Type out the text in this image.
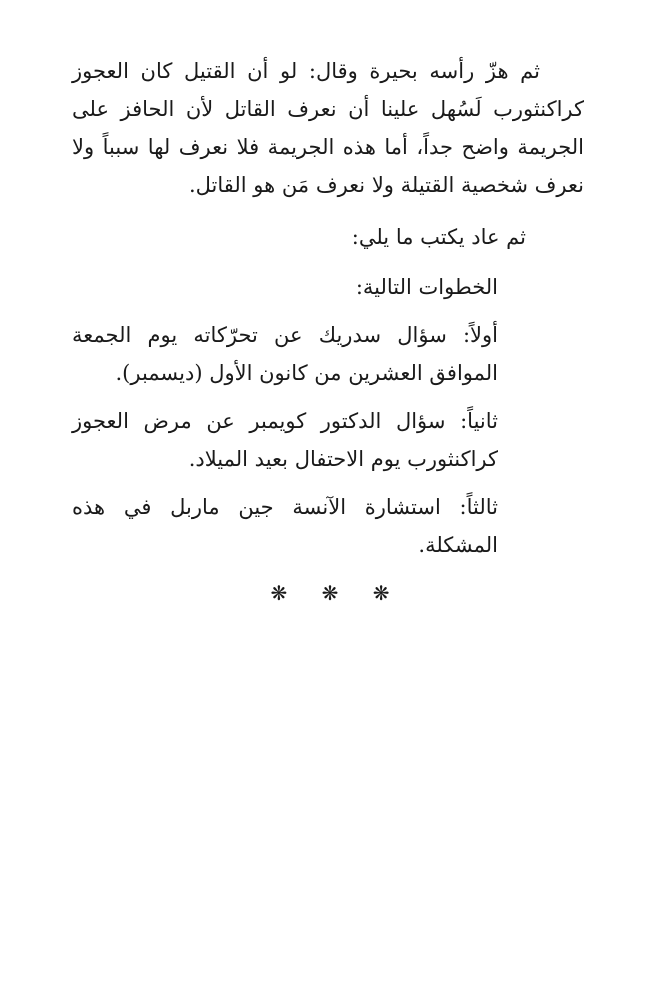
ثم هزّ رأسه بحيرة وقال: لو أن القتيل كان العجوز كراكنثورب لَسُهل علينا أن نعرف القاتل لأن الحافز على الجريمة واضح جداً، أما هذه الجريمة فلا نعرف لها سبباً ولا نعرف شخصية القتيلة ولا نعرف مَن هو القاتل.

ثم عاد يكتب ما يلي:

الخطوات التالية:

أولاً: سؤال سدريك عن تحرّكاته يوم الجمعة الموافق العشرين من كانون الأول (ديسمبر).

ثانياً: سؤال الدكتور كويمبر عن مرض العجوز كراكنثورب يوم الاحتفال بعيد الميلاد.

ثالثاً: استشارة الآنسة جين ماربل في هذه المشكلة.

❋ ❋ ❋
